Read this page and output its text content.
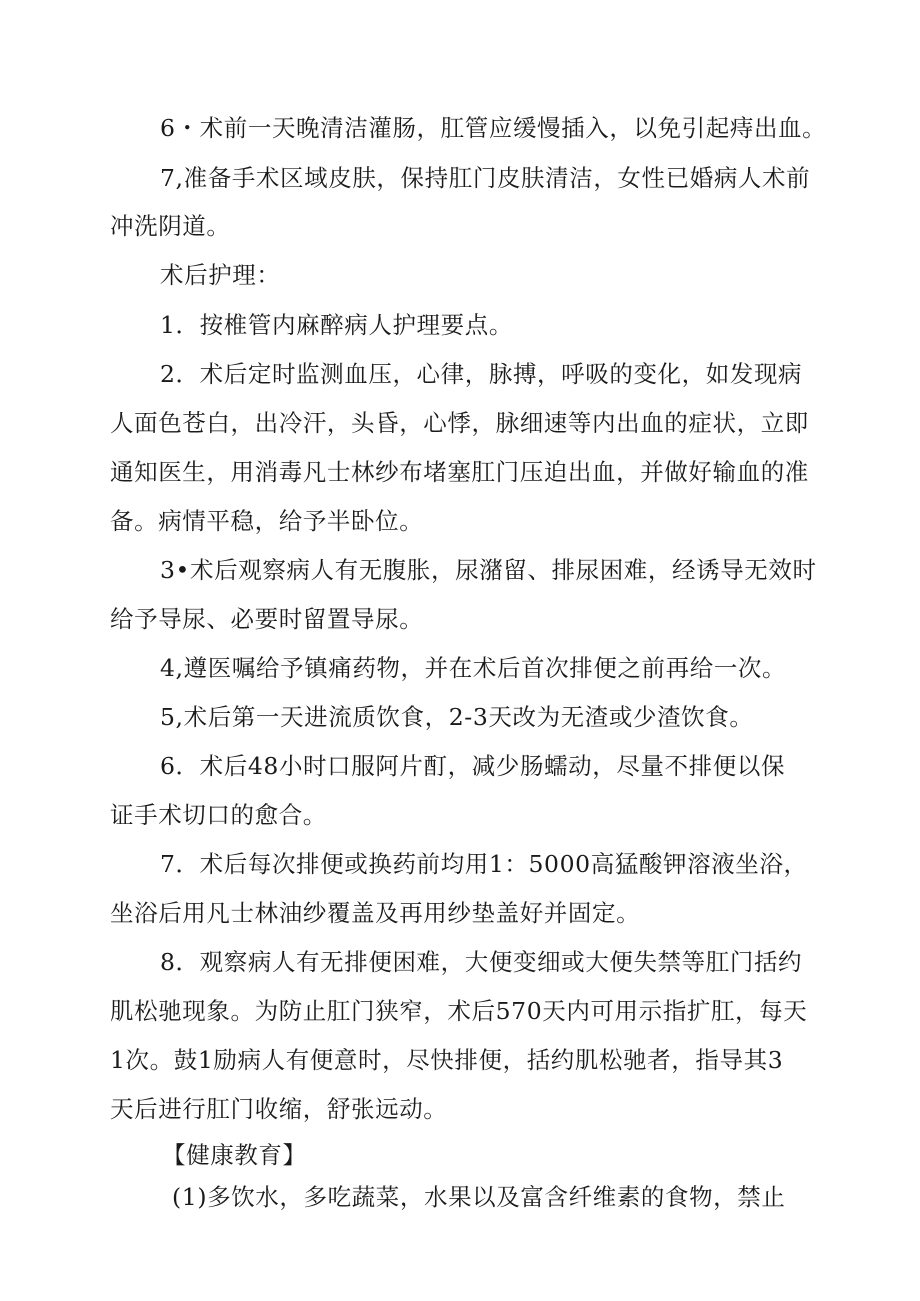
6・术前一天晚清洁灌肠，肛管应缓慢插入，以免引起痔出血。
7,准备手术区域皮肤，保持肛门皮肤清洁，女性已婚病人术前
冲洗阴道。
术后护理：
1．按椎管内麻醉病人护理要点。
2．术后定时监测血压，心律，脉搏，呼吸的变化，如发现病
人面色苍白，出冷汗，头昏，心悸，脉细速等内出血的症状，立即
通知医生，用消毒凡士林纱布堵塞肛门压迫出血，并做好输血的准
备。病情平稳，给予半卧位。
3•术后观察病人有无腹胀，尿潴留、排尿困难，经诱导无效时
给予导尿、必要时留置导尿。
4,遵医嘱给予镇痛药物，并在术后首次排便之前再给一次。
5,术后第一天进流质饮食，2-3天改为无渣或少渣饮食。
6．术后48小时口服阿片酊，减少肠蠕动，尽量不排便以保
证手术切口的愈合。
7．术后每次排便或换药前均用1：5000高猛酸钾溶液坐浴，
坐浴后用凡士林油纱覆盖及再用纱垫盖好并固定。
8．观察病人有无排便困难，大便变细或大便失禁等肛门括约
肌松驰现象。为防止肛门狭窄，术后570天内可用示指扩肛，每天
1次。鼓1励病人有便意时，尽快排便，括约肌松驰者，指导其3
天后进行肛门收缩，舒张远动。
【健康教育】
(1)多饮水，多吃蔬菜，水果以及富含纤维素的食物，禁止
